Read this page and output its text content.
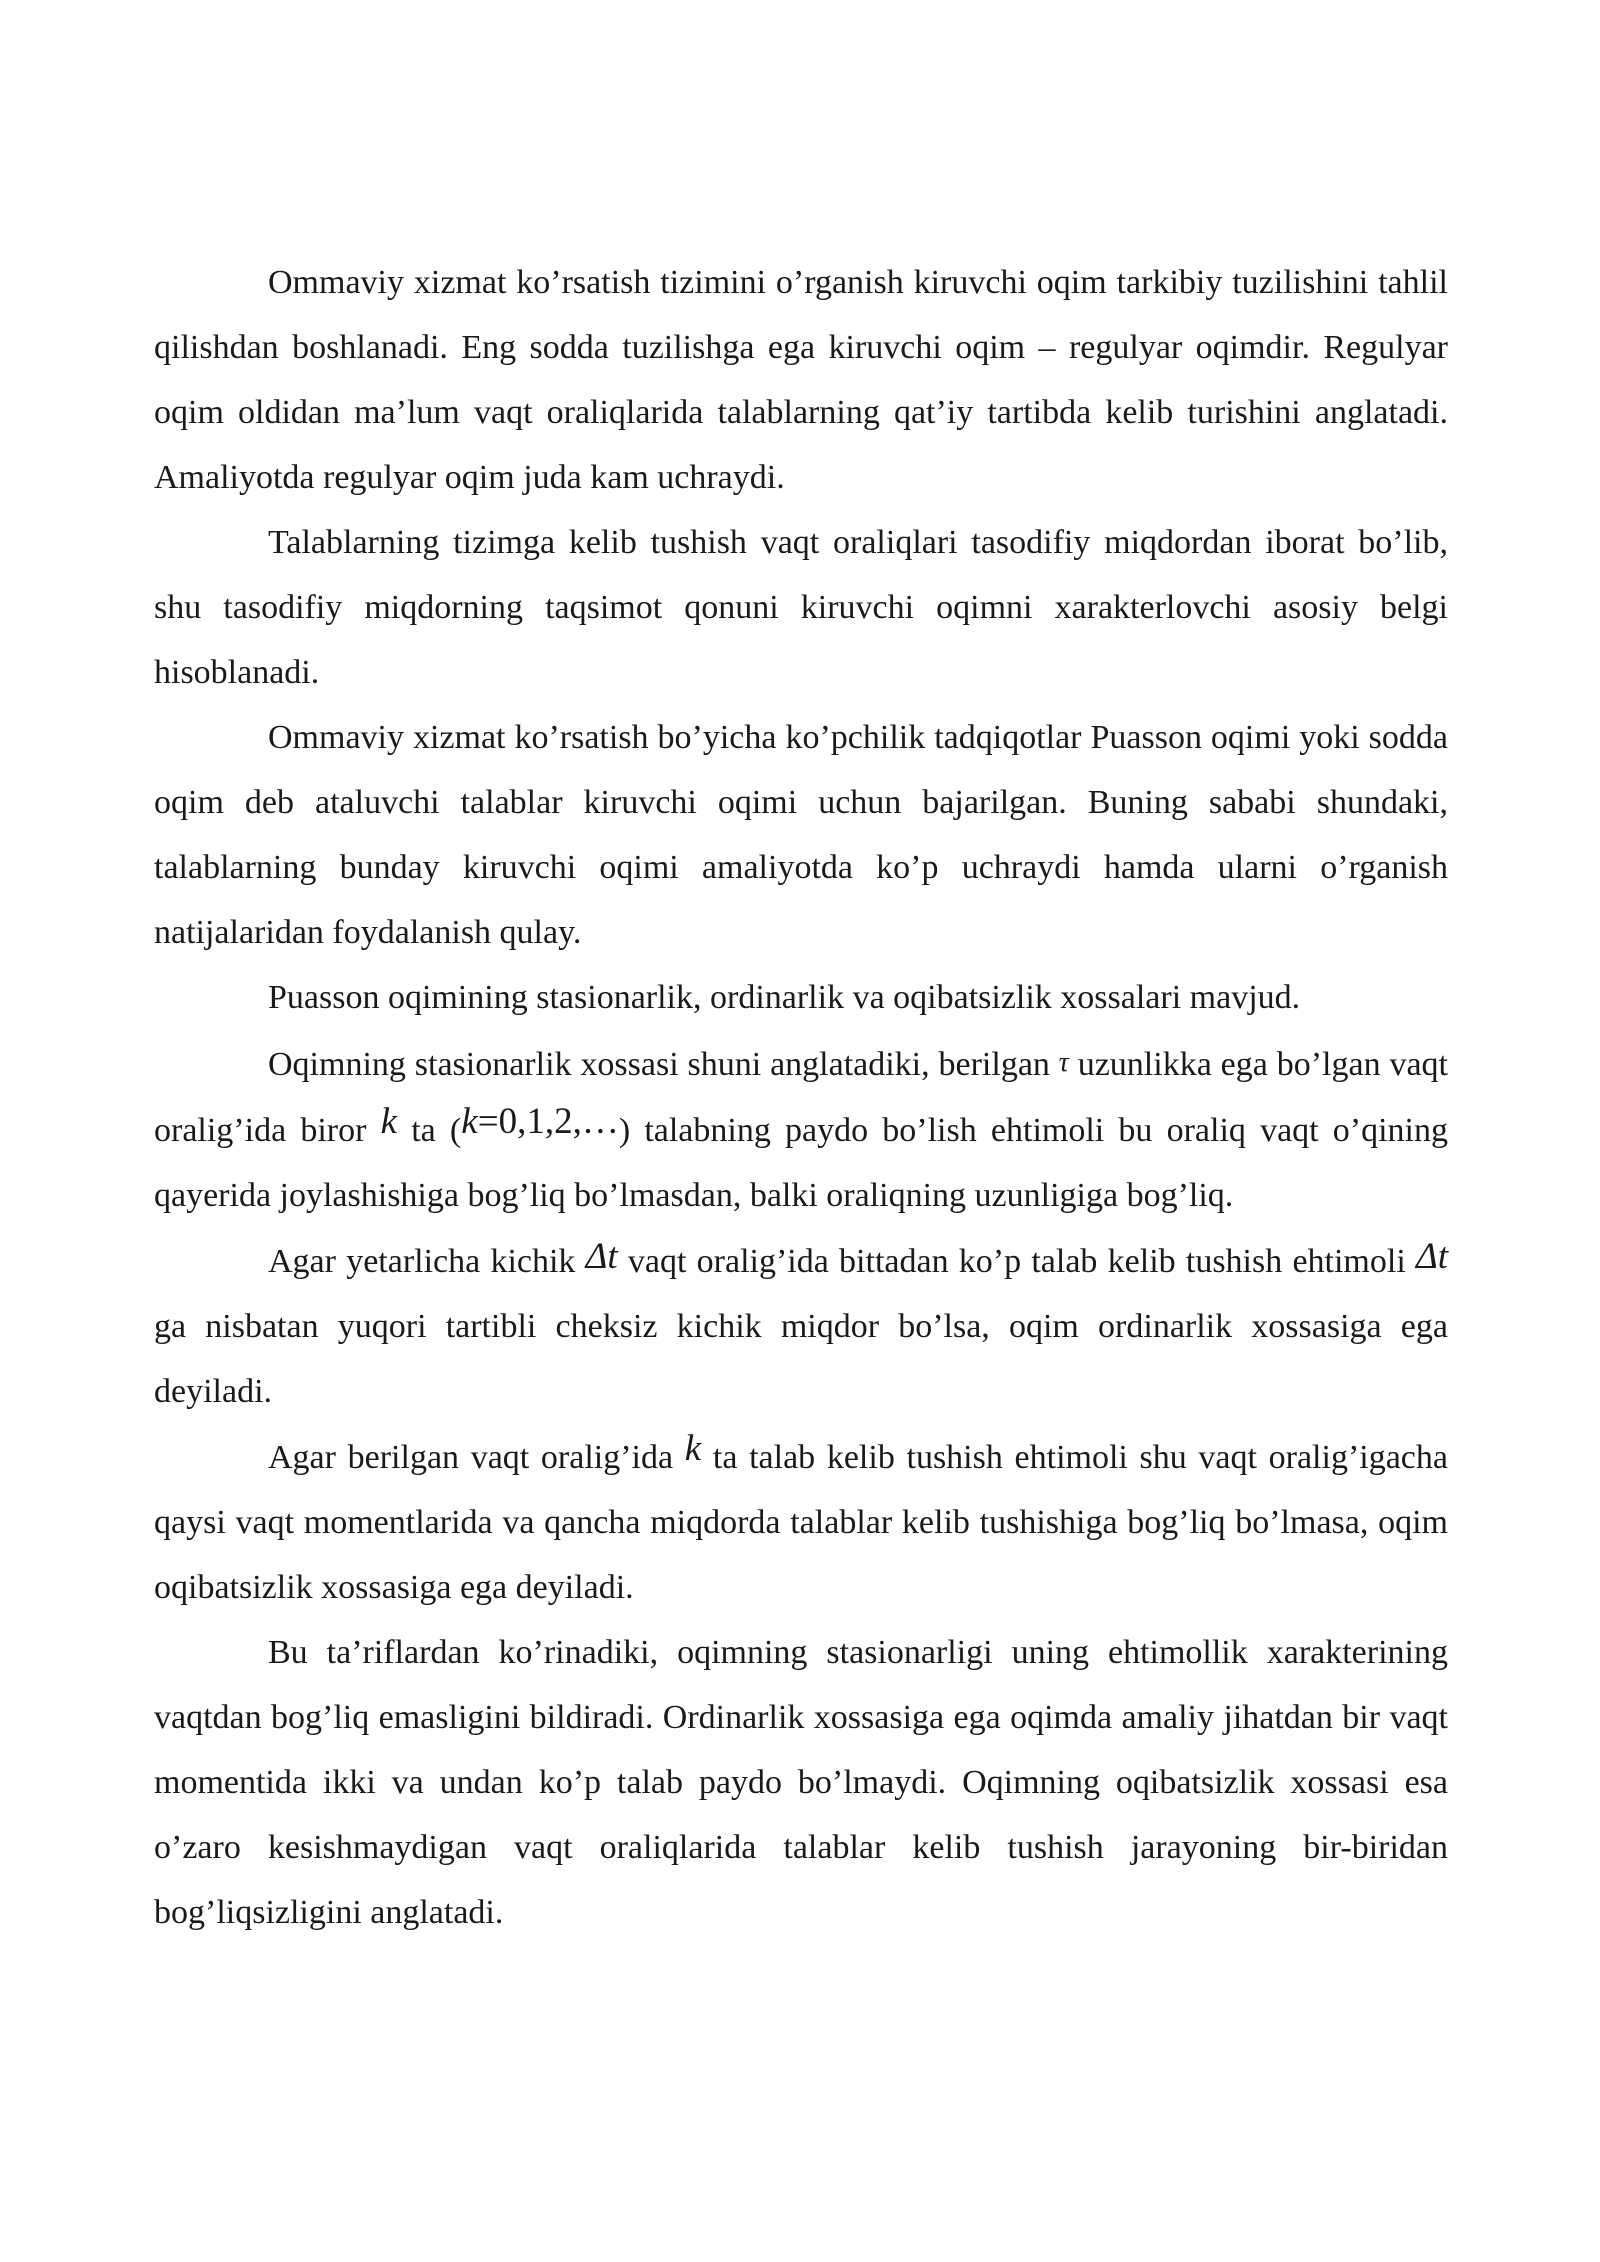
Ommaviy xizmat ko’rsatish tizimini o’rganish kiruvchi oqim tarkibiy tuzilishini tahlil qilishdan boshlanadi. Eng sodda tuzilishga ega kiruvchi oqim – regulyar oqimdir. Regulyar oqim oldidan ma’lum vaqt oraliqlarida talablarning qat’iy tartibda kelib turishini anglatadi. Amaliyotda regulyar oqim juda kam uchraydi.

Talablarning tizimga kelib tushish vaqt oraliqlari tasodifiy miqdordan iborat bo’lib, shu tasodifiy miqdorning taqsimot qonuni kiruvchi oqimni xarakterlovchi asosiy belgi hisoblanadi.

Ommaviy xizmat ko’rsatish bo’yicha ko’pchilik tadqiqotlar Puasson oqimi yoki sodda oqim deb ataluvchi talablar kiruvchi oqimi uchun bajarilgan. Buning sababi shundaki, talablarning bunday kiruvchi oqimi amaliyotda ko’p uchraydi hamda ularni o’rganish natijalaridan foydalanish qulay.

Puasson oqimining stasionarlik, ordinarlik va oqibatsizlik xossalari mavjud.

Oqimning stasionarlik xossasi shuni anglatadiki, berilgan τ uzunlikka ega bo’lgan vaqt oralig’ida biror k ta (k=0,1,2,…) talabning paydo bo’lish ehtimoli bu oraliq vaqt o’qining qayerida joylashishiga bog’liq bo’lmasdan, balki oraliqning uzunligiga bog’liq.

Agar yetarlicha kichik Δt vaqt oralig’ida bittadan ko’p talab kelib tushish ehtimoli Δt ga nisbatan yuqori tartibli cheksiz kichik miqdor bo’lsa, oqim ordinarlik xossasiga ega deyiladi.

Agar berilgan vaqt oralig’ida k ta talab kelib tushish ehtimoli shu vaqt oralig’igacha qaysi vaqt momentlarida va qancha miqdorda talablar kelib tushishiga bog’liq bo’lmasa, oqim oqibatsizlik xossasiga ega deyiladi.

Bu ta’riflardan ko’rinadiki, oqimning stasionarligi uning ehtimollik xarakterining vaqtdan bog’liq emasligini bildiradi. Ordinarlik xossasiga ega oqimda amaliy jihatdan bir vaqt momentida ikki va undan ko’p talab paydo bo’lmaydi. Oqimning oqibatsizlik xossasi esa o’zaro kesishmaydigan vaqt oraliqlarida talablar kelib tushish jarayoning bir-biridan bog’liqsizligini anglatadi.
